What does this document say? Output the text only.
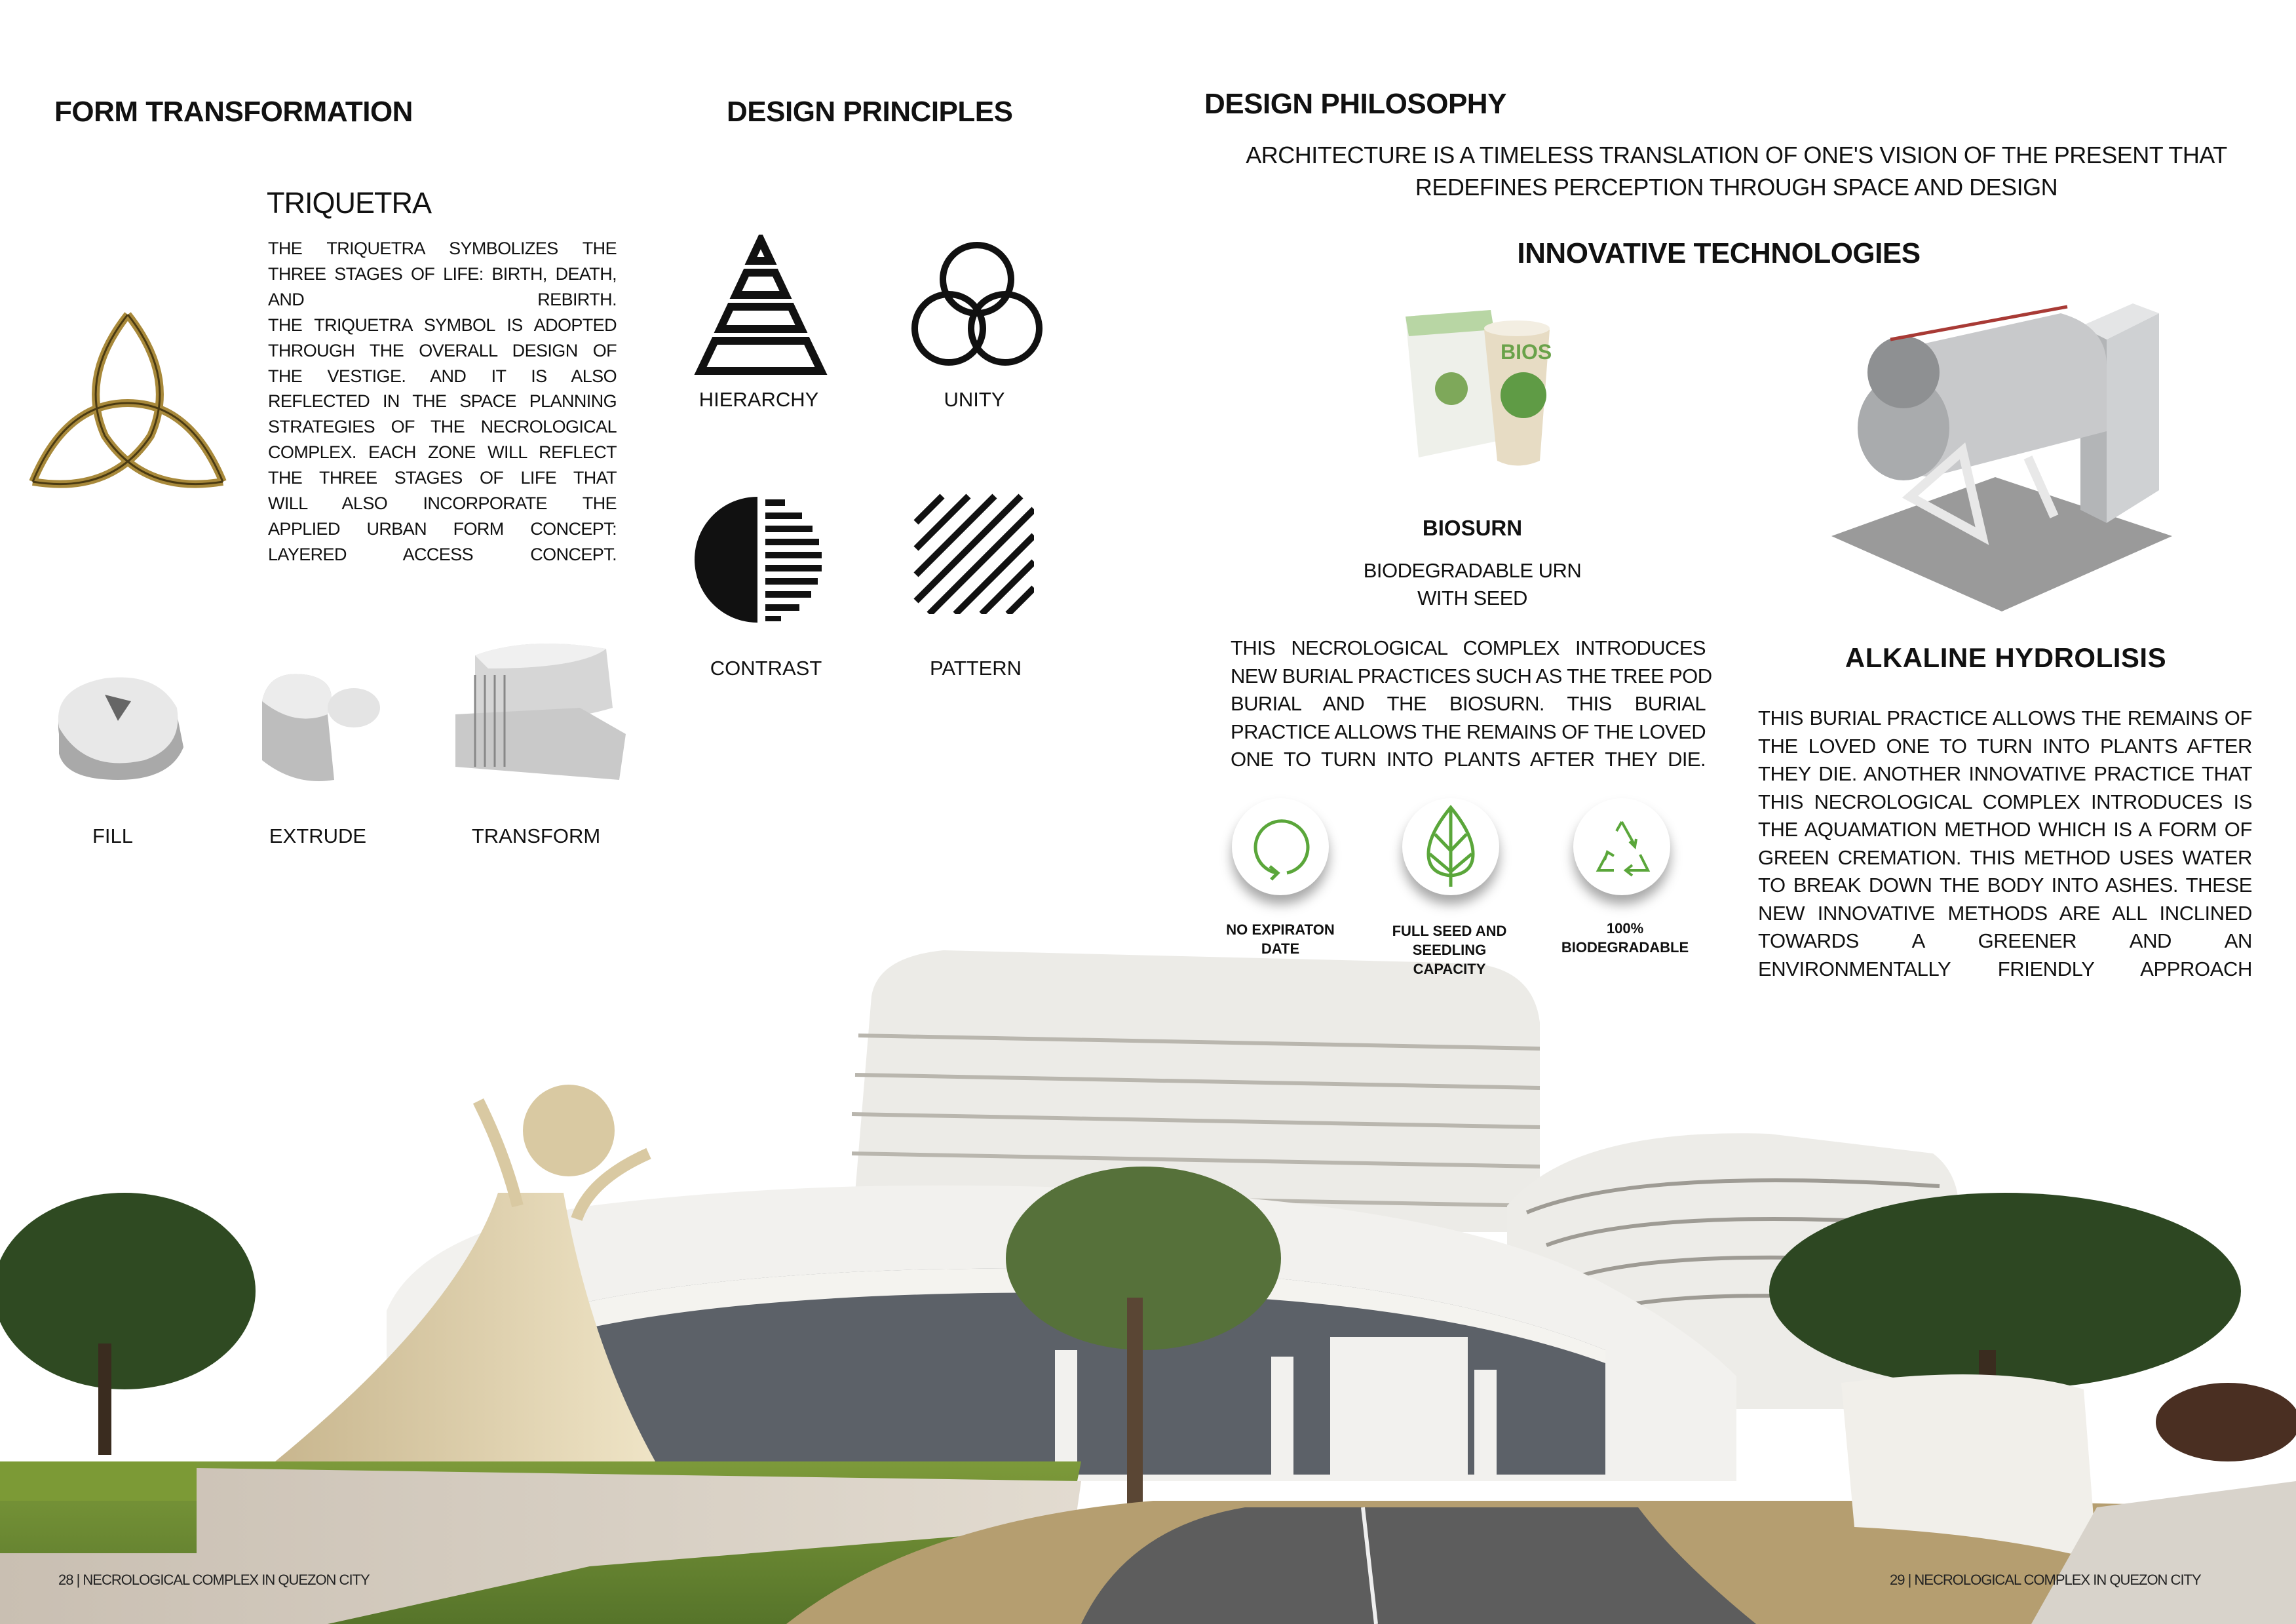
FORM TRANSFORMATION
TRIQUETRA
THE TRIQUETRA SYMBOLIZES THE
THREE STAGES OF LIFE: BIRTH, DEATH,
AND REBIRTH.
THE TRIQUETRA SYMBOL IS ADOPTED
THROUGH THE OVERALL DESIGN OF
THE VESTIGE. AND IT IS ALSO
REFLECTED IN THE SPACE PLANNING
STRATEGIES OF THE NECROLOGICAL
COMPLEX. EACH ZONE WILL REFLECT
THE THREE STAGES OF LIFE THAT
WILL ALSO INCORPORATE THE
APPLIED URBAN FORM CONCEPT:
LAYERED ACCESS CONCEPT.
FILL	EXTRUDE	TRANSFORM
DESIGN PRINCIPLES
HIERARCHY	UNITY
CONTRAST	PATTERN
DESIGN PHILOSOPHY
ARCHITECTURE IS A TIMELESS TRANSLATION OF ONE'S VISION OF THE PRESENT THAT
REDEFINES PERCEPTION THROUGH SPACE AND DESIGN
INNOVATIVE TECHNOLOGIES
BIOS
BIOSURN
BIODEGRADABLE URN
WITH SEED
THIS NECROLOGICAL COMPLEX INTRODUCES
NEW BURIAL PRACTICES SUCH AS THE TREE POD
BURIAL AND THE BIOSURN. THIS BURIAL
PRACTICE ALLOWS THE REMAINS OF THE LOVED
ONE TO TURN INTO PLANTS AFTER THEY DIE.
NO EXPIRATON
DATE
FULL SEED AND
SEEDLING
CAPACITY
100%
BIODEGRADABLE
ALKALINE HYDROLISIS
THIS BURIAL PRACTICE ALLOWS THE REMAINS OF
THE LOVED ONE TO TURN INTO PLANTS AFTER
THEY DIE. ANOTHER INNOVATIVE PRACTICE THAT
THIS NECROLOGICAL COMPLEX INTRODUCES IS
THE AQUAMATION METHOD WHICH IS A FORM OF
GREEN CREMATION. THIS METHOD USES WATER
TO BREAK DOWN THE BODY INTO ASHES. THESE
NEW INNOVATIVE METHODS ARE ALL INCLINED
TOWARDS A GREENER AND AN
ENVIRONMENTALLY FRIENDLY APPROACH
28 | NECROLOGICAL COMPLEX IN QUEZON CITY	29 | NECROLOGICAL COMPLEX IN QUEZON CITY
